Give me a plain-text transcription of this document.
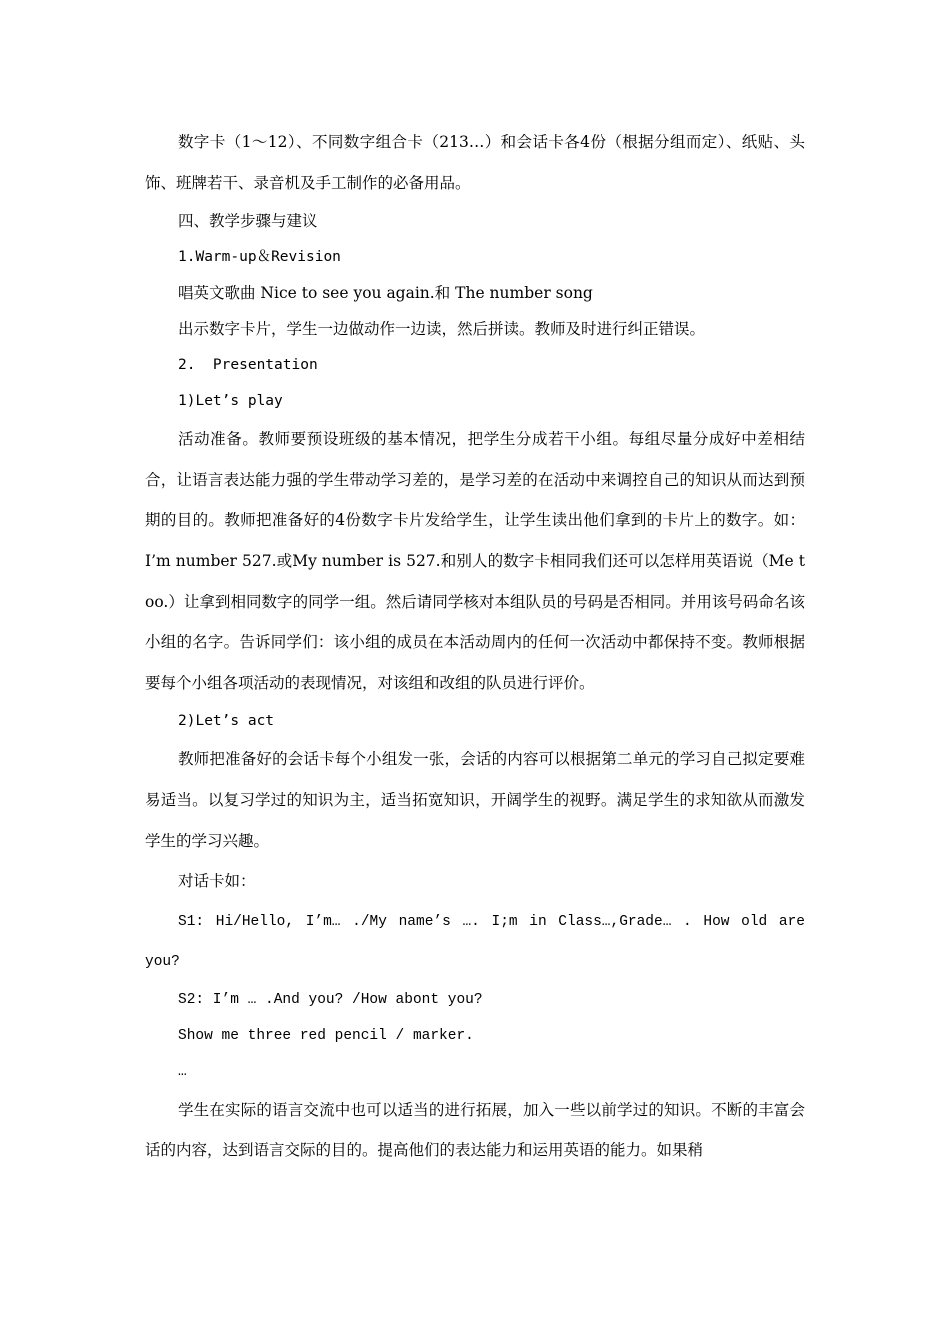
数字卡（1～12）、不同数字组合卡（213…）和会话卡各4份（根据分组而定）、纸贴、头饰、班牌若干、录音机及手工制作的必备用品。

四、教学步骤与建议

1.Warm-up＆Revision

唱英文歌曲 Nice to see you again.和 The number song

出示数字卡片，学生一边做动作一边读，然后拼读。教师及时进行纠正错误。

2.  Presentation

1)Let’s play

活动准备。教师要预设班级的基本情况，把学生分成若干小组。每组尽量分成好中差相结合，让语言表达能力强的学生带动学习差的，是学习差的在活动中来调控自己的知识从而达到预期的目的。教师把准备好的4份数字卡片发给学生，让学生读出他们拿到的卡片上的数字。如：I’m number 527.或My number is 527.和别人的数字卡相同我们还可以怎样用英语说（Me too.）让拿到相同数字的同学一组。然后请同学核对本组队员的号码是否相同。并用该号码命名该小组的名字。告诉同学们：该小组的成员在本活动周内的任何一次活动中都保持不变。教师根据要每个小组各项活动的表现情况，对该组和改组的队员进行评价。

2)Let’s act

教师把准备好的会话卡每个小组发一张，会话的内容可以根据第二单元的学习自己拟定要难易适当。以复习学过的知识为主，适当拓宽知识，开阔学生的视野。满足学生的求知欲从而激发学生的学习兴趣。

对话卡如：

S1: Hi/Hello, I’m… ./My name’s …. I;m in Class…,Grade… . How old are you?

S2: I’m … .And you? /How abont you?

Show me three red pencil / marker.

…

学生在实际的语言交流中也可以适当的进行拓展，加入一些以前学过的知识。不断的丰富会话的内容，达到语言交际的目的。提高他们的表达能力和运用英语的能力。如果稍
